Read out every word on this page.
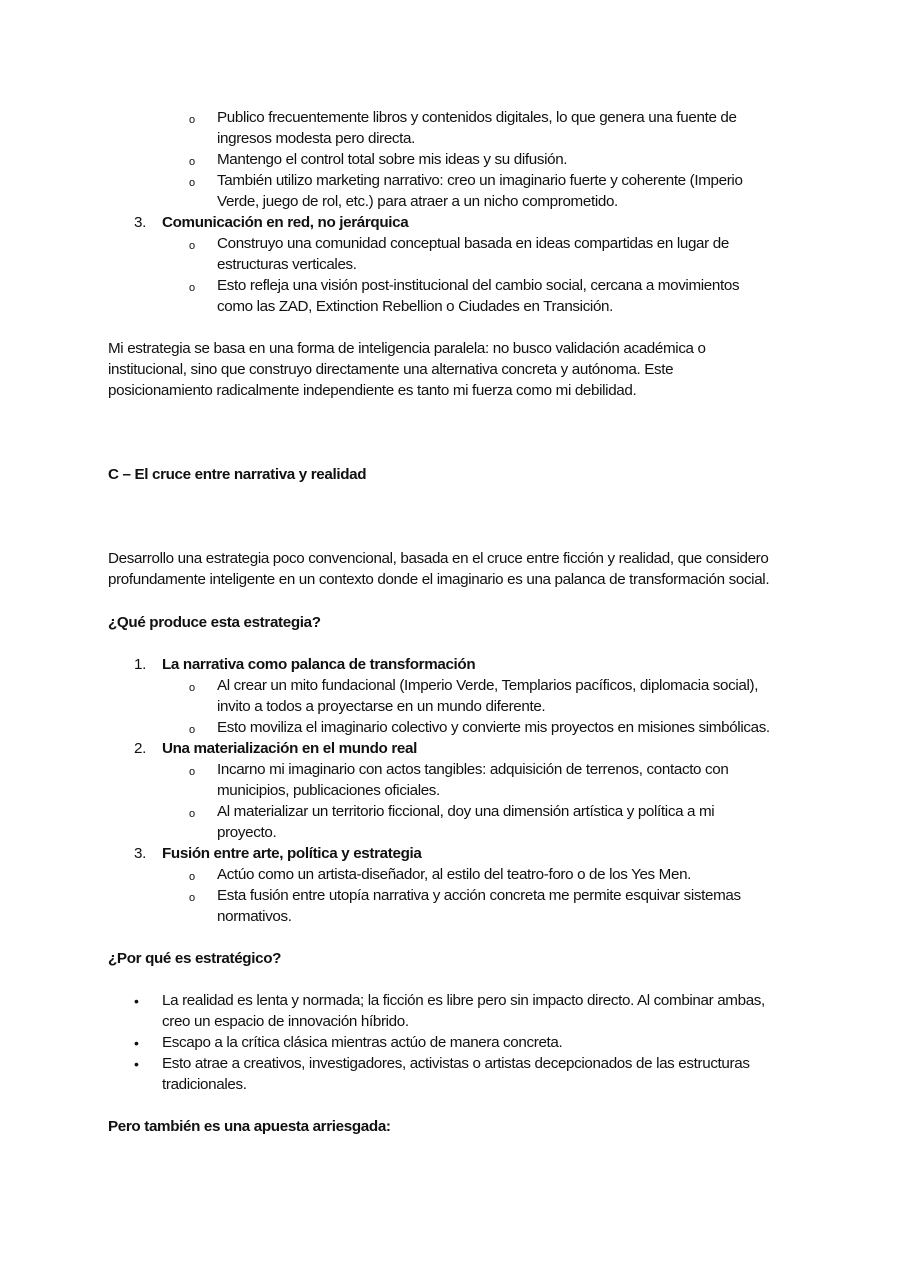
o Publico frecuentemente libros y contenidos digitales, lo que genera una fuente de
ingresos modesta pero directa.
o Mantengo el control total sobre mis ideas y su difusión.
o También utilizo marketing narrativo: creo un imaginario fuerte y coherente (Imperio
Verde, juego de rol, etc.) para atraer a un nicho comprometido.
3.	Comunicación en red, no jerárquica
o Construyo una comunidad conceptual basada en ideas compartidas en lugar de
estructuras verticales.
o Esto refleja una visión post-institucional del cambio social, cercana a movimientos
como las ZAD, Extinction Rebellion o Ciudades en Transición.
Mi estrategia se basa en una forma de inteligencia paralela: no busco validación académica o
institucional, sino que construyo directamente una alternativa concreta y autónoma. Este
posicionamiento radicalmente independiente es tanto mi fuerza como mi debilidad.
C – El cruce entre narrativa y realidad
Desarrollo una estrategia poco convencional, basada en el cruce entre ficción y realidad, que considero
profundamente inteligente en un contexto donde el imaginario es una palanca de transformación social.
¿Qué produce esta estrategia?
1.	La narrativa como palanca de transformación
o Al crear un mito fundacional (Imperio Verde, Templarios pacíficos, diplomacia social),
invito a todos a proyectarse en un mundo diferente.
o Esto moviliza el imaginario colectivo y convierte mis proyectos en misiones simbólicas.
2.	Una materialización en el mundo real
o Incarno mi imaginario con actos tangibles: adquisición de terrenos, contacto con
municipios, publicaciones oficiales.
o Al materializar un territorio ficcional, doy una dimensión artística y política a mi
proyecto.
3.	Fusión entre arte, política y estrategia
o Actúo como un artista-diseñador, al estilo del teatro-foro o de los Yes Men.
o Esta fusión entre utopía narrativa y acción concreta me permite esquivar sistemas
normativos.
¿Por qué es estratégico?
• La realidad es lenta y normada; la ficción es libre pero sin impacto directo. Al combinar ambas,
creo un espacio de innovación híbrido.
• Escapo a la crítica clásica mientras actúo de manera concreta.
• Esto atrae a creativos, investigadores, activistas o artistas decepcionados de las estructuras
tradicionales.
Pero también es una apuesta arriesgada:
